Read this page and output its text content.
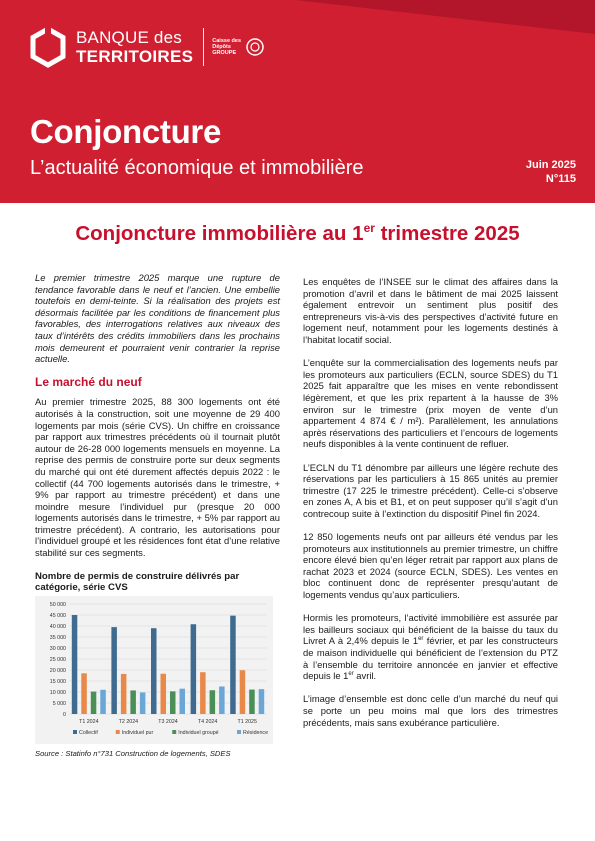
BANQUE des
TERRITOIRES
Caisse des Dépôts GROUPE
Conjoncture
L’actualité économique et immobilière	Juin 2025
N°115
Conjoncture immobilière au 1er trimestre 2025

Le premier trimestre 2025 marque une rupture de tendance favorable dans le neuf et l’ancien. Une embellie toutefois en demi-teinte. Si la réalisation des projets est désormais facilitée par les conditions de financement plus favorables, des interrogations relatives aux niveaux des taux d’intérêts des crédits immobiliers dans les prochains mois demeurent et pourraient venir contrarier la reprise actuelle.

Le marché du neuf

Au premier trimestre 2025, 88 300 logements ont été autorisés à la construction, soit une moyenne de 29 400 logements par mois (série CVS). Un chiffre en croissance par rapport aux trimestres précédents où il tournait plutôt autour de 26-28 000 logements mensuels en moyenne. La reprise des permis de construire porte sur deux segments du marché qui ont été durement affectés depuis 2022 : le collectif (44 700 logements autorisés dans le trimestre, + 9% par rapport au trimestre précédent) et dans une moindre mesure l’individuel pur (presque 20 000 logements autorisés dans le trimestre, + 5% par rapport au trimestre précédent). A contrario, les autorisations pour l’individuel groupé et les résidences font état d’une relative stabilité sur ces segments.

Nombre de permis de construire délivrés par catégorie, série CVS
0
5 000
10 000
15 000
20 000
25 000
30 000
35 000
40 000
45 000
50 000
T1 2024	T2 2024	T3 2024	T4 2024	T1 2025
Collectif	Individuel pur	Individuel groupé	Résidence
Source : Statinfo n°731 Construction de logements, SDES

Les enquêtes de l’INSEE sur le climat des affaires dans la promotion d’avril et dans le bâtiment de mai 2025 laissent également entrevoir un sentiment plus positif des entrepreneurs vis-à-vis des perspectives d’activité future en logement neuf, notamment pour les logements destinés à l’habitat locatif social.

L’enquête sur la commercialisation des logements neufs par les promoteurs aux particuliers (ECLN, source SDES) du T1 2025 fait apparaître que les mises en vente rebondissent légèrement, et que les prix repartent à la hausse de 3% environ sur le trimestre (prix moyen de vente d’un appartement 4 874 € / m²). Parallèlement, les annulations après réservations des particuliers et l’encours de logements neufs disponibles à la vente continuent de refluer.

L’ECLN du T1 dénombre par ailleurs une légère rechute des réservations par les particuliers à 15 865 unités au premier trimestre (17 225 le trimestre précédent). Celle-ci s’observe en zones A, A bis et B1, et on peut supposer qu’il s’agit d’un contrecoup suite à l’extinction du dispositif Pinel fin 2024.

12 850 logements neufs ont par ailleurs été vendus par les promoteurs aux institutionnels au premier trimestre, un chiffre encore élevé bien qu’en léger retrait par rapport aux plans de rachat 2023 et 2024 (source ECLN, SDES). Les ventes en bloc continuent donc de représenter presqu’autant de logements vendus qu’aux particuliers.

Hormis les promoteurs, l’activité immobilière est assurée par les bailleurs sociaux qui bénéficient de la baisse du taux du Livret A à 2,4% depuis le 1er février, et par les constructeurs de maison individuelle qui bénéficient de l’extension du PTZ à l’ensemble du territoire annoncée en janvier et effective depuis le 1er avril.

L’image d’ensemble est donc celle d’un marché du neuf qui se porte un peu moins mal que lors des trimestres précédents, mais sans exubérance particulière.
